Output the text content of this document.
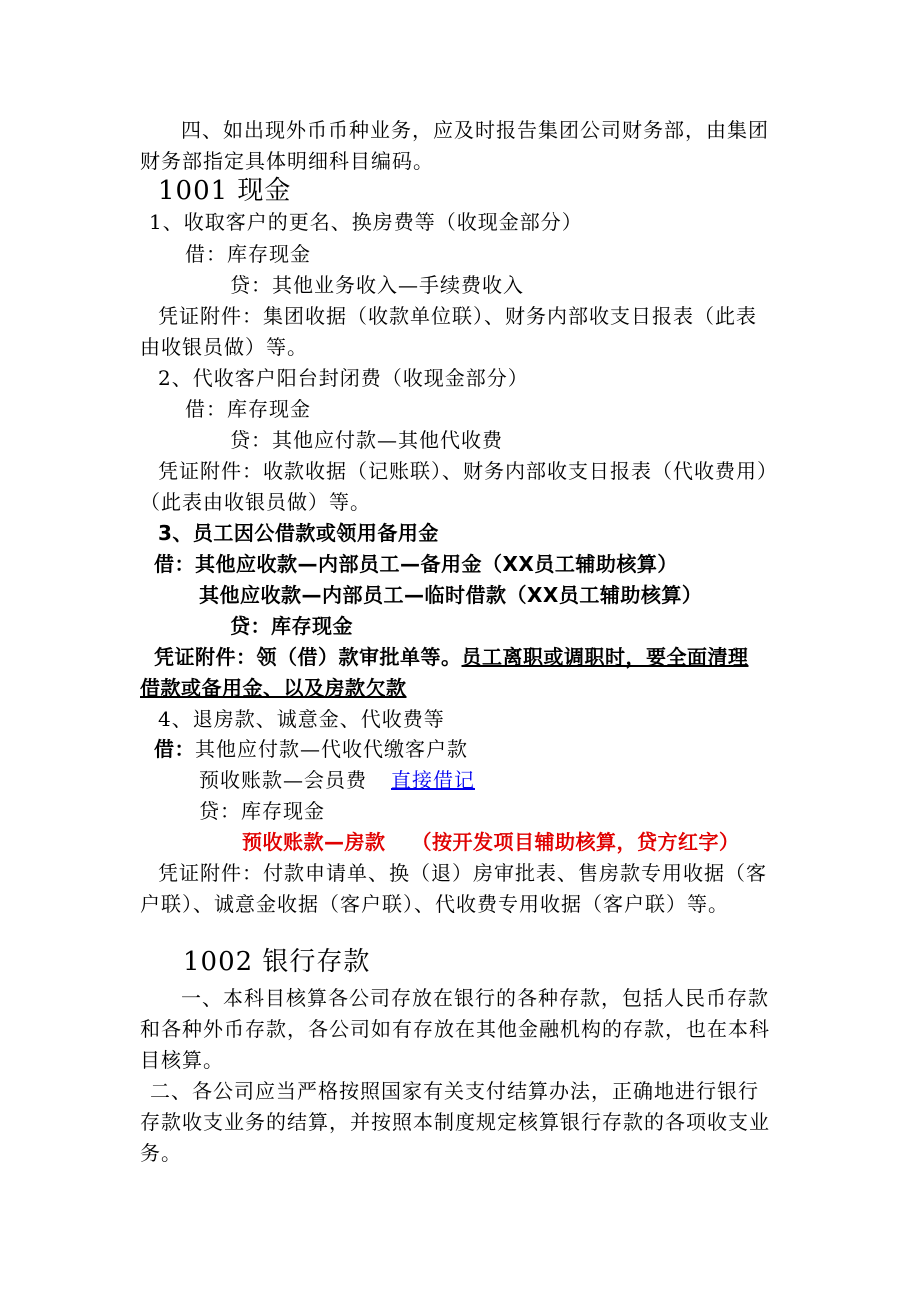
四、如出现外币币种业务，应及时报告集团公司财务部，由集团
财务部指定具体明细科目编码。
1001 现金
1、收取客户的更名、换房费等（收现金部分）
借：库存现金
贷：其他业务收入—手续费收入
凭证附件：集团收据（收款单位联）、财务内部收支日报表（此表
由收银员做）等。
2、代收客户阳台封闭费（收现金部分）
借：库存现金
贷：其他应付款—其他代收费
凭证附件：收款收据（记账联）、财务内部收支日报表（代收费用）
（此表由收银员做）等。
3、员工因公借款或领用备用金
借：其他应收款—内部员工—备用金（XX员工辅助核算）
其他应收款—内部员工—临时借款（XX员工辅助核算）
贷：库存现金
凭证附件：领（借）款审批单等。员工离职或调职时，要全面清理
借款或备用金、以及房款欠款
4、退房款、诚意金、代收费等
借：其他应付款—代收代缴客户款
预收账款—会员费 直接借记
贷：库存现金
预收账款—房款 （按开发项目辅助核算，贷方红字）
凭证附件：付款申请单、换（退）房审批表、售房款专用收据（客
户联）、诚意金收据（客户联）、代收费专用收据（客户联）等。
1002 银行存款
一、本科目核算各公司存放在银行的各种存款，包括人民币存款
和各种外币存款，各公司如有存放在其他金融机构的存款，也在本科
目核算。
二、各公司应当严格按照国家有关支付结算办法，正确地进行银行
存款收支业务的结算，并按照本制度规定核算银行存款的各项收支业
务。
